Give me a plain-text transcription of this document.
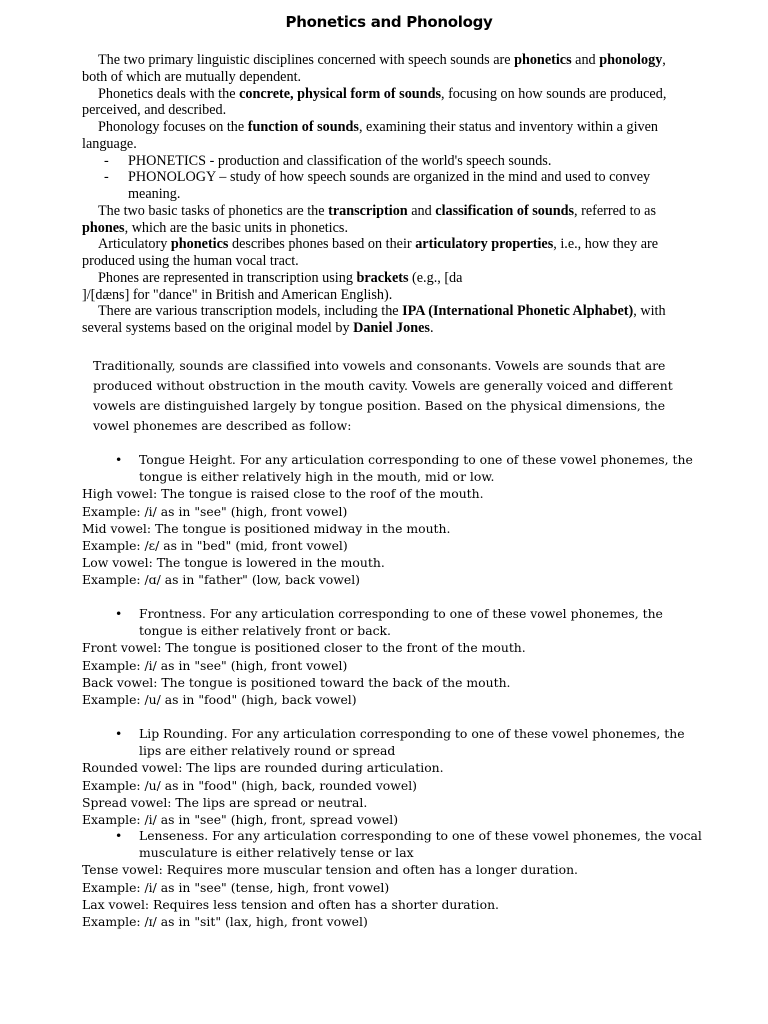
Phonetics and Phonology

The two primary linguistic disciplines concerned with speech sounds are phonetics and phonology, both of which are mutually dependent.

Phonetics deals with the concrete, physical form of sounds, focusing on how sounds are produced, perceived, and described.

Phonology focuses on the function of sounds, examining their status and inventory within a given language.

- PHONETICS - production and classification of the world's speech sounds.
- PHONOLOGY – study of how speech sounds are organized in the mind and used to convey meaning.

The two basic tasks of phonetics are the transcription and classification of sounds, referred to as phones, which are the basic units in phonetics.

Articulatory phonetics describes phones based on their articulatory properties, i.e., how they are produced using the human vocal tract.

Phones are represented in transcription using brackets (e.g., [da
]/[dæns] for "dance" in British and American English).

There are various transcription models, including the IPA (International Phonetic Alphabet), with several systems based on the original model by Daniel Jones.

Traditionally, sounds are classified into vowels and consonants. Vowels are sounds that are produced without obstruction in the mouth cavity. Vowels are generally voiced and different vowels are distinguished largely by tongue position. Based on the physical dimensions, the vowel phonemes are described as follow:
• Tongue Height. For any articulation corresponding to one of these vowel phonemes, the tongue is either relatively high in the mouth, mid or low.
High vowel: The tongue is raised close to the roof of the mouth.
Example: /i/ as in "see" (high, front vowel)
Mid vowel: The tongue is positioned midway in the mouth.
Example: /ɛ/ as in "bed" (mid, front vowel)
Low vowel: The tongue is lowered in the mouth.
Example: /ɑ/ as in "father" (low, back vowel)
• Frontness. For any articulation corresponding to one of these vowel phonemes, the tongue is either relatively front or back.
Front vowel: The tongue is positioned closer to the front of the mouth.
Example: /i/ as in "see" (high, front vowel)
Back vowel: The tongue is positioned toward the back of the mouth.
Example: /u/ as in "food" (high, back vowel)
• Lip Rounding. For any articulation corresponding to one of these vowel phonemes, the lips are either relatively round or spread
Rounded vowel: The lips are rounded during articulation.
Example: /u/ as in "food" (high, back, rounded vowel)
Spread vowel: The lips are spread or neutral.
Example: /i/ as in "see" (high, front, spread vowel)
• Lenseness. For any articulation corresponding to one of these vowel phonemes, the vocal musculature is either relatively tense or lax
Tense vowel: Requires more muscular tension and often has a longer duration.
Example: /i/ as in "see" (tense, high, front vowel)
Lax vowel: Requires less tension and often has a shorter duration.
Example: /ɪ/ as in "sit" (lax, high, front vowel)
